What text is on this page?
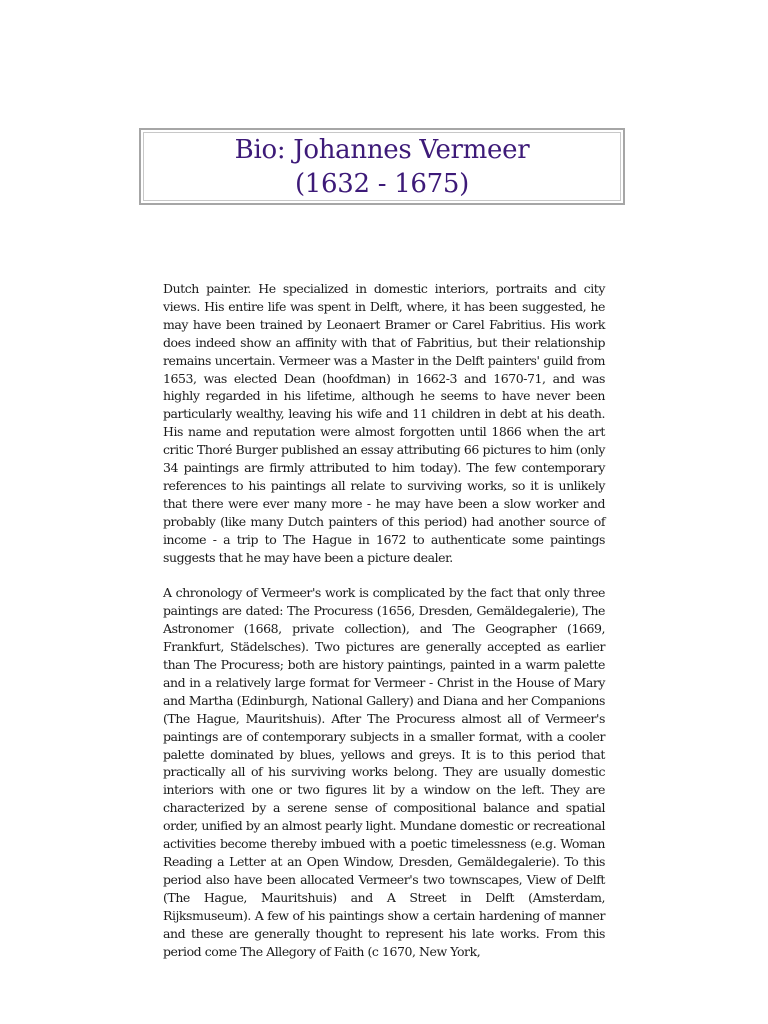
Bio: Johannes Vermeer
(1632 - 1675)

Dutch painter. He specialized in domestic interiors, portraits and city views. His entire life was spent in Delft, where, it has been suggested, he may have been trained by Leonaert Bramer or Carel Fabritius. His work does indeed show an affinity with that of Fabritius, but their relationship remains uncertain. Vermeer was a Master in the Delft painters' guild from 1653, was elected Dean (hoofdman) in 1662-3 and 1670-71, and was highly regarded in his lifetime, although he seems to have never been particularly wealthy, leaving his wife and 11 children in debt at his death. His name and reputation were almost forgotten until 1866 when the art critic Thoré Burger published an essay attributing 66 pictures to him (only 34 paintings are firmly attributed to him today). The few contemporary references to his paintings all relate to surviving works, so it is unlikely that there were ever many more - he may have been a slow worker and probably (like many Dutch painters of this period) had another source of income - a trip to The Hague in 1672 to authenticate some paintings suggests that he may have been a picture dealer.

A chronology of Vermeer's work is complicated by the fact that only three paintings are dated: The Procuress (1656, Dresden, Gemäldegalerie), The Astronomer (1668, private collection), and The Geographer (1669, Frankfurt, Städelsches). Two pictures are generally accepted as earlier than The Procuress; both are history paintings, painted in a warm palette and in a relatively large format for Vermeer - Christ in the House of Mary and Martha (Edinburgh, National Gallery) and Diana and her Companions (The Hague, Mauritshuis). After The Procuress almost all of Vermeer's paintings are of contemporary subjects in a smaller format, with a cooler palette dominated by blues, yellows and greys. It is to this period that practically all of his surviving works belong. They are usually domestic interiors with one or two figures lit by a window on the left. They are characterized by a serene sense of compositional balance and spatial order, unified by an almost pearly light. Mundane domestic or recreational activities become thereby imbued with a poetic timelessness (e.g. Woman Reading a Letter at an Open Window, Dresden, Gemäldegalerie). To this period also have been allocated Vermeer's two townscapes, View of Delft (The Hague, Mauritshuis) and A Street in Delft (Amsterdam, Rijksmuseum). A few of his paintings show a certain hardening of manner and these are generally thought to represent his late works. From this period come The Allegory of Faith (c 1670, New York,
